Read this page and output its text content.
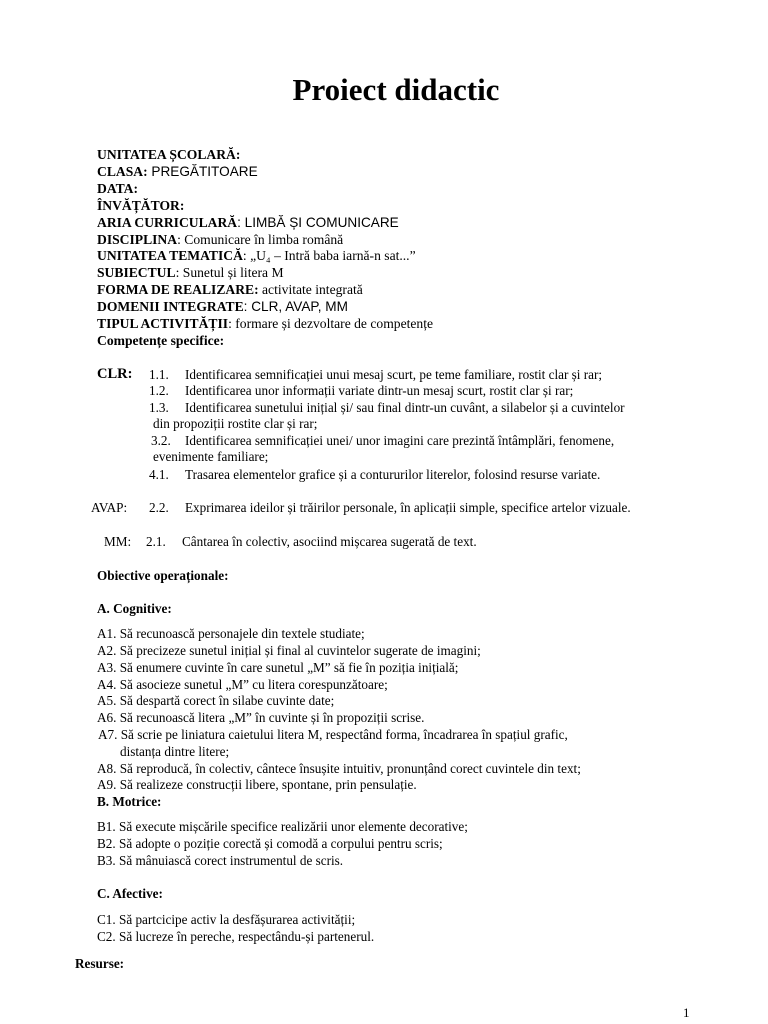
Proiect didactic
UNITATEA ȘCOLARĂ:
CLASA: PREGĂTITOARE
DATA:
ÎNVĂȚĂTOR:
ARIA CURRICULARĂ: LIMBĂ ȘI COMUNICARE
DISCIPLINA: Comunicare în limba română
UNITATEA TEMATICĂ: „U₄ – Intră baba iarnă-n sat...”
SUBIECTUL: Sunetul și litera M
FORMA DE REALIZARE: activitate integrată
DOMENII INTEGRATE: CLR, AVAP, MM
TIPUL ACTIVITĂȚII: formare și dezvoltare de competențe
Competențe specifice:
CLR: 1.1. Identificarea semnificației unui mesaj scurt, pe teme familiare, rostit clar și rar;
1.2. Identificarea unor informații variate dintr-un mesaj scurt, rostit clar și rar;
1.3. Identificarea sunetului inițial și/ sau final dintr-un cuvânt, a silabelor și a cuvintelor
din propoziții rostite clar și rar;
3.2. Identificarea semnificației unei/ unor imagini care prezintă întâmplări, fenomene,
evenimente familiare;
4.1. Trasarea elementelor grafice și a contururilor literelor, folosind resurse variate.
AVAP: 2.2. Exprimarea ideilor și trăirilor personale, în aplicații simple, specifice artelor vizuale.
MM: 2.1. Cântarea în colectiv, asociind mișcarea sugerată de text.
Obiective operaționale:
A. Cognitive:
A1. Să recunoască personajele din textele studiate;
A2. Să precizeze sunetul inițial și final al cuvintelor sugerate de imagini;
A3. Să enumere cuvinte în care sunetul „M” să fie în poziția inițială;
A4. Să asocieze sunetul „M” cu litera corespunzătoare;
A5. Să despartă corect în silabe cuvinte date;
A6. Să recunoască litera „M” în cuvinte și în propoziții scrise.
A7. Să scrie pe liniatura caietului litera M, respectând forma, încadrarea în spațiul grafic,
distanța dintre litere;
A8. Să reproducă, în colectiv, cântece însușite intuitiv, pronunțând corect cuvintele din text;
A9. Să realizeze construcții libere, spontane, prin pensulație.
B. Motrice:
B1. Să execute mișcările specifice realizării unor elemente decorative;
B2. Să adopte o poziție corectă și comodă a corpului pentru scris;
B3. Să mânuiască corect instrumentul de scris.
C. Afective:
C1. Să partcicipe activ la desfășurarea activității;
C2. Să lucreze în pereche, respectându-și partenerul.
Resurse:
1
